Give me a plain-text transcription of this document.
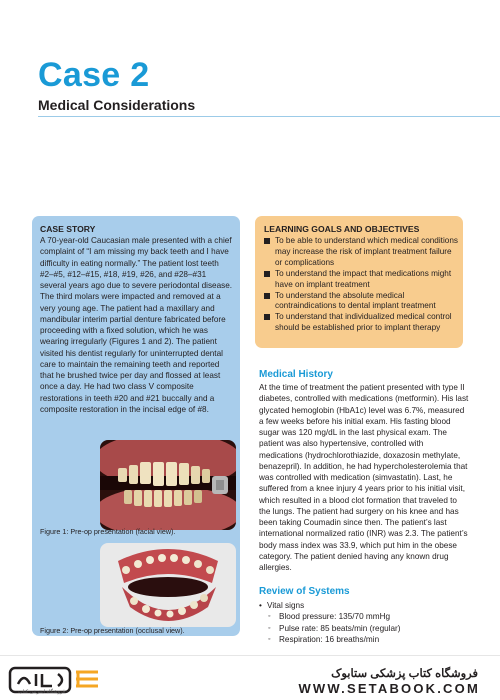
Case 2
Medical Considerations
CASE STORY

A 70-year-old Caucasian male presented with a chief complaint of “I am missing my back teeth and I have difficulty in eating normally.” The patient lost teeth #2–#5, #12–#15, #18, #19, #26, and #28–#31 several years ago due to severe periodontal disease. The third molars were impacted and removed at a very young age. The patient had a maxillary and mandibular interim partial denture fabricated before proceeding with a fixed solution, which he was wearing irregularly (Figures 1 and 2). The patient visited his dentist regularly for uninterrupted dental care to maintain the remaining teeth and reported that he brushed twice per day and flossed at least once a day. He had two class V composite restorations in teeth #20 and #21 buccally and a composite restoration in the incisal edge of #8.

Figure 1: Pre-op presentation (facial view).
Figure 2: Pre-op presentation (occlusal view).
LEARNING GOALS AND OBJECTIVES
To be able to understand which medical conditions may increase the risk of implant treatment failure or complications
To understand the impact that medications might have on implant treatment
To understand the absolute medical contraindications to dental implant treatment
To understand that individualized medical control should be established prior to implant therapy
Medical History

At the time of treatment the patient presented with type II diabetes, controlled with medications (metformin). His last glycated hemoglobin (HbA1c) level was 6.7%, measured a few weeks before his initial exam. His fasting blood sugar was 120 mg/dL in the last physical exam. The patient was also hypertensive, controlled with medications (hydrochlorothiazide, doxazosin methylate, benazepril). In addition, he had hypercholesterolemia that was controlled with medication (simvastatin). Last, he suffered from a knee injury 4 years prior to his initial visit, which resulted in a blood clot formation that traveled to the lungs. The patient had surgery on his knee and has been taking Coumadin since then. The patient’s last international normalized ratio (INR) was 2.3. The patient’s body mass index was 33.9, which put him in the obese category. The patient denied having any known drug allergies.

Review of Systems
• Vital signs
◦ Blood pressure: 135/70 mmHg
◦ Pulse rate: 85 beats/min (regular)
◦ Respiration: 16 breaths/min
فروشگاه اینترنتی کتاب
فروشگاه کتاب پزشکی ستابوک
WWW.SETABOOK.COM
